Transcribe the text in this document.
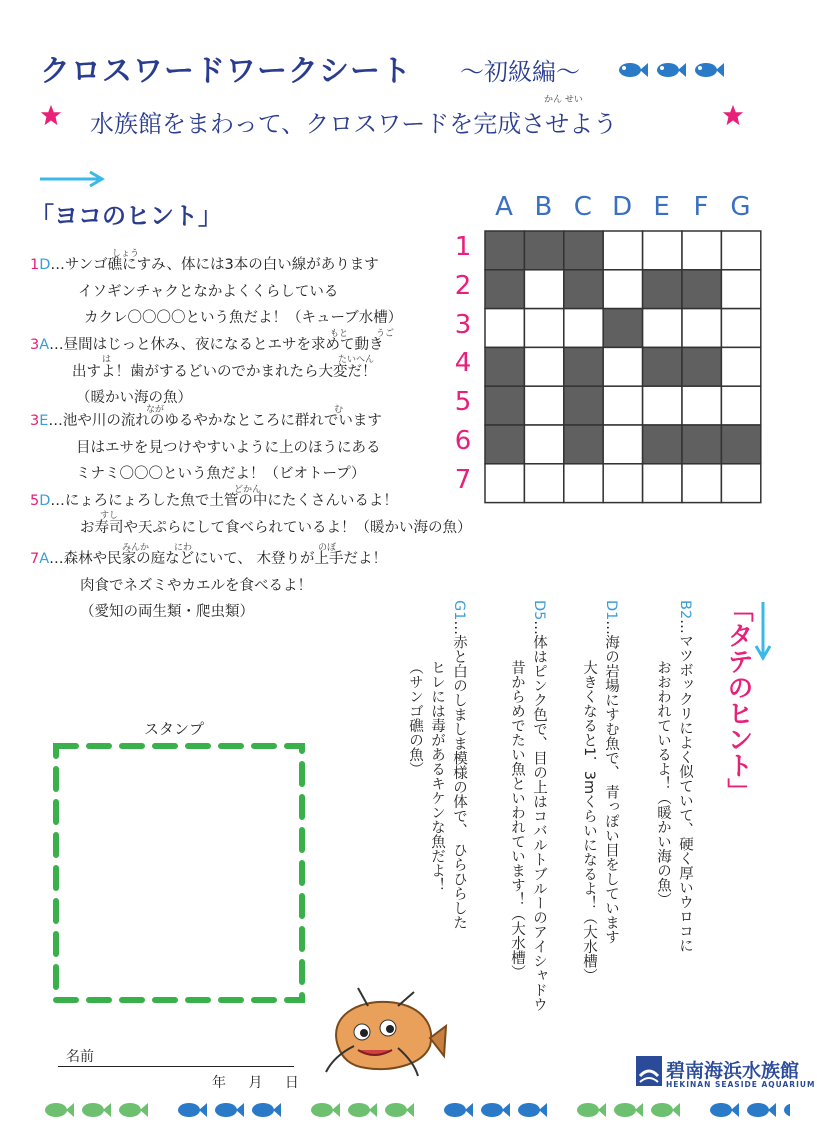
クロスワードワークシート 〜初級編〜
水族館をまわって、クロスワードを完成させよう
かん せい
「ヨコのヒント」
1D…サンゴ礁にすみ、体には3本の白い線があります
イソギンチャクとなかよくくらしている
カクレ〇〇〇〇という魚だよ！（キューブ水槽）
しょう
3A…昼間はじっと休み、夜になるとエサを求めて動き
出すよ！歯がするどいのでかまれたら大変だ！
（暖かい海の魚）
もと	うご
は	たいへん
3E…池や川の流れのゆるやかなところに群れでいます
目はエサを見つけやすいように上のほうにある
ミナミ〇〇〇という魚だよ！（ビオトープ）
なが	む
5D…にょろにょろした魚で土管の中にたくさんいるよ！
お寿司や天ぷらにして食べられているよ！（暖かい海の魚）
どかん
すし
7A…森林や民家の庭などにいて、 木登りが上手だよ！
肉食でネズミやカエルを食べるよ！
（愛知の両生類・爬虫類）
みんか	にわ	のぼ
A B C D E F G
1
2
3
4
5
6
7
「タテのヒント」
B2…マツボックリによく似ていて、硬く厚いウロコに
おおわれているよ！（暖かい海の魚）
D1…海の岩場にすむ魚で、 青っぽい目をしています
大きくなると1．3mくらいになるよ！（大水槽）
D5…体はピンク色で、目の上はコバルトブルーのアイシャドウ
昔からめでたい魚といわれています！（大水槽）
G1…赤と白のしましま模様の体で、 ひらひらした
ヒレには毒があるキケンな魚だよ！
（サンゴ礁の魚）
スタンプ
名前
年 月 日
碧南海浜水族館
HEKINAN SEASIDE AQUARIUM
